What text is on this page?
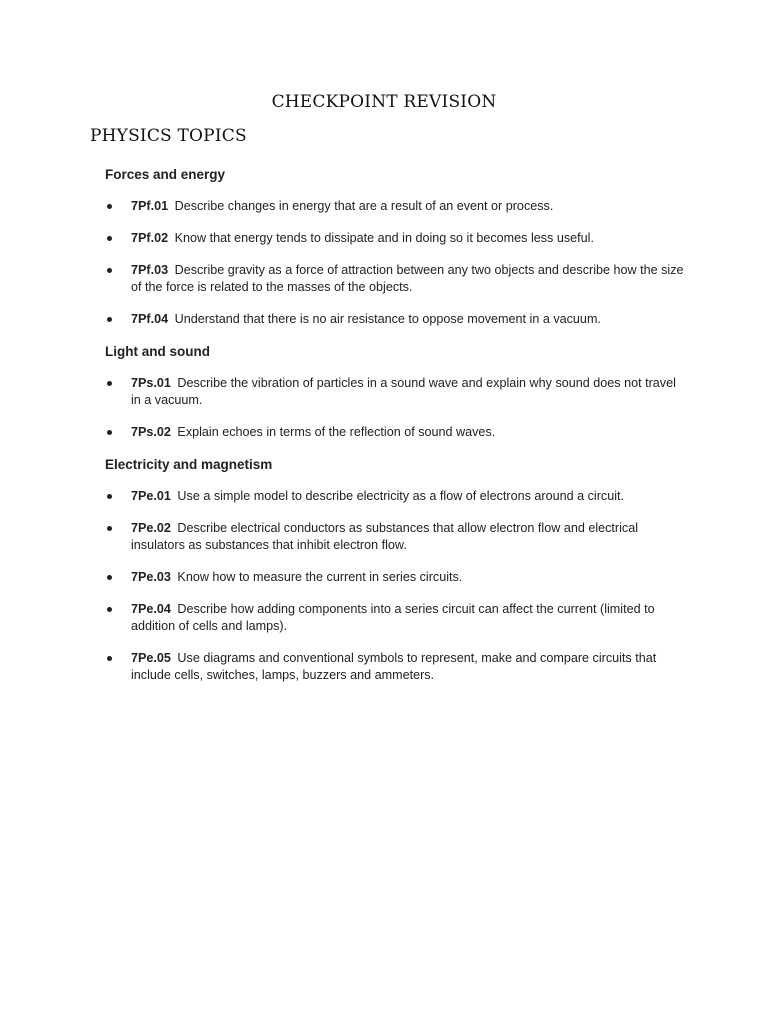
CHECKPOINT REVISION
PHYSICS TOPICS
Forces and energy
7Pf.01 Describe changes in energy that are a result of an event or process.
7Pf.02 Know that energy tends to dissipate and in doing so it becomes less useful.
7Pf.03 Describe gravity as a force of attraction between any two objects and describe how the size of the force is related to the masses of the objects.
7Pf.04 Understand that there is no air resistance to oppose movement in a vacuum.
Light and sound
7Ps.01 Describe the vibration of particles in a sound wave and explain why sound does not travel in a vacuum.
7Ps.02 Explain echoes in terms of the reflection of sound waves.
Electricity and magnetism
7Pe.01 Use a simple model to describe electricity as a flow of electrons around a circuit.
7Pe.02 Describe electrical conductors as substances that allow electron flow and electrical insulators as substances that inhibit electron flow.
7Pe.03 Know how to measure the current in series circuits.
7Pe.04 Describe how adding components into a series circuit can affect the current (limited to addition of cells and lamps).
7Pe.05 Use diagrams and conventional symbols to represent, make and compare circuits that include cells, switches, lamps, buzzers and ammeters.
